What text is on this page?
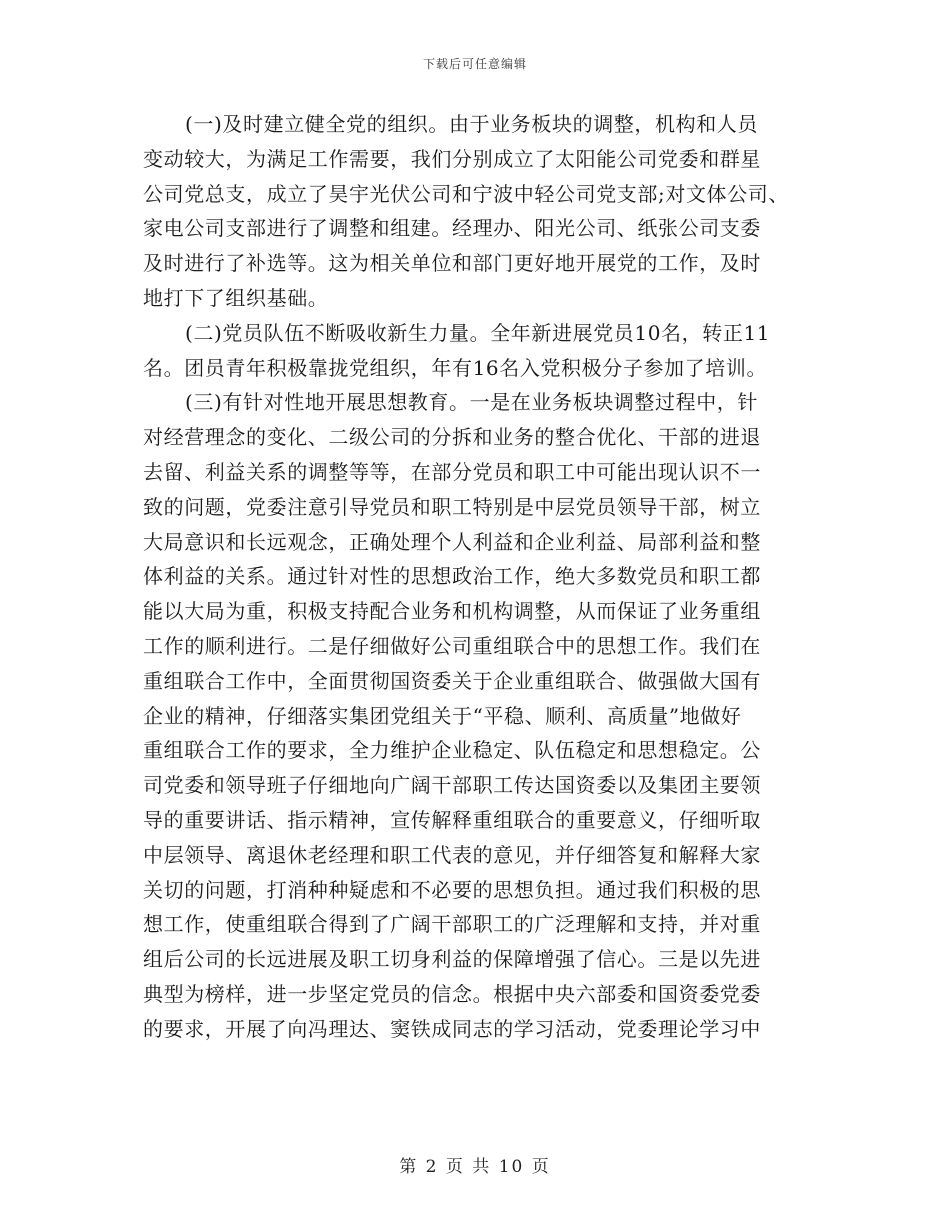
下载后可任意编辑
(一)及时建立健全党的组织。由于业务板块的调整，机构和人员
变动较大，为满足工作需要，我们分别成立了太阳能公司党委和群星
公司党总支，成立了昊宇光伏公司和宁波中轻公司党支部;对文体公司、
家电公司支部进行了调整和组建。经理办、阳光公司、纸张公司支委
及时进行了补选等。这为相关单位和部门更好地开展党的工作，及时
地打下了组织基础。
(二)党员队伍不断吸收新生力量。全年新进展党员10名，转正11
名。团员青年积极靠拢党组织，年有16名入党积极分子参加了培训。
(三)有针对性地开展思想教育。一是在业务板块调整过程中，针
对经营理念的变化、二级公司的分拆和业务的整合优化、干部的进退
去留、利益关系的调整等等，在部分党员和职工中可能出现认识不一
致的问题，党委注意引导党员和职工特别是中层党员领导干部，树立
大局意识和长远观念，正确处理个人利益和企业利益、局部利益和整
体利益的关系。通过针对性的思想政治工作，绝大多数党员和职工都
能以大局为重，积极支持配合业务和机构调整，从而保证了业务重组
工作的顺利进行。二是仔细做好公司重组联合中的思想工作。我们在
重组联合工作中，全面贯彻国资委关于企业重组联合、做强做大国有
企业的精神，仔细落实集团党组关于“平稳、顺利、高质量”地做好
重组联合工作的要求，全力维护企业稳定、队伍稳定和思想稳定。公
司党委和领导班子仔细地向广阔干部职工传达国资委以及集团主要领
导的重要讲话、指示精神，宣传解释重组联合的重要意义，仔细听取
中层领导、离退休老经理和职工代表的意见，并仔细答复和解释大家
关切的问题，打消种种疑虑和不必要的思想负担。通过我们积极的思
想工作，使重组联合得到了广阔干部职工的广泛理解和支持，并对重
组后公司的长远进展及职工切身利益的保障增强了信心。三是以先进
典型为榜样，进一步坚定党员的信念。根据中央六部委和国资委党委
的要求，开展了向冯理达、窦铁成同志的学习活动，党委理论学习中
第 2 页 共 10 页
